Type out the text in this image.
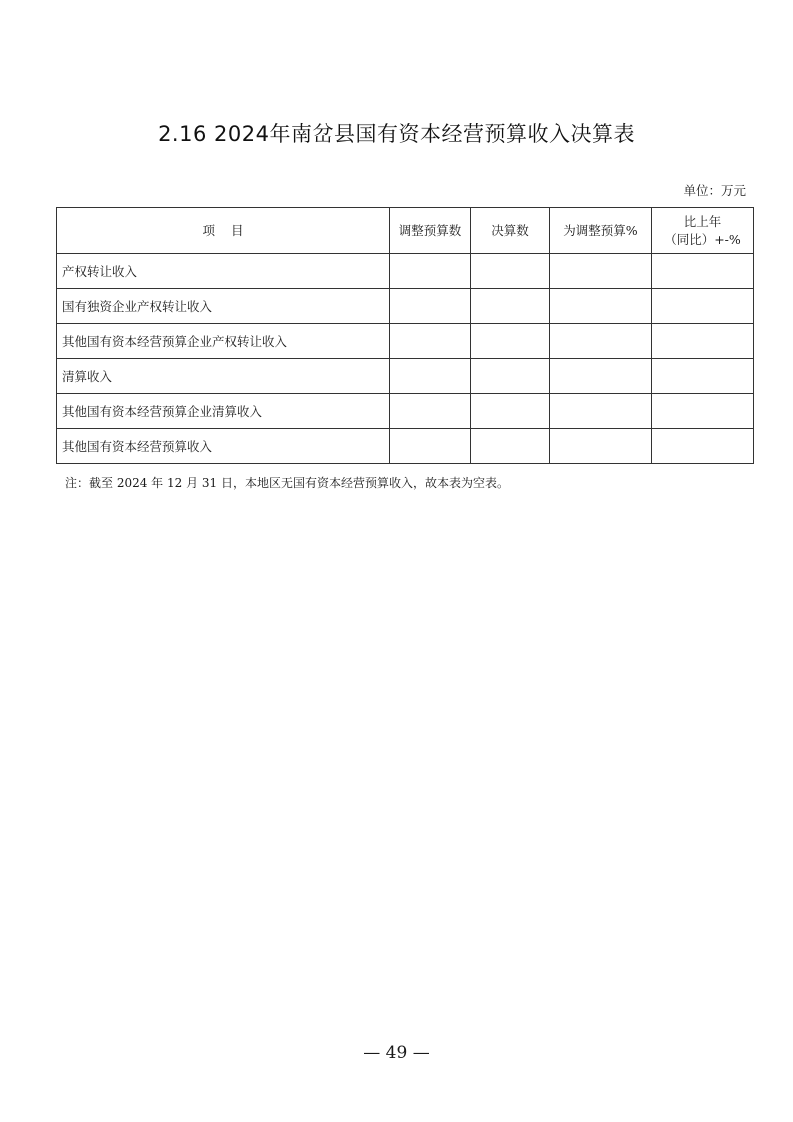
2.16 2024年南岔县国有资本经营预算收入决算表
单位：万元
项    目	调整预算数	决算数	为调整预算%	比上年
（同比）+-%

产权转让收入				
国有独资企业产权转让收入				
其他国有资本经营预算企业产权转让收入				
清算收入				
其他国有资本经营预算企业清算收入				
其他国有资本经营预算收入				
注：截至 2024 年 12 月 31 日，本地区无国有资本经营预算收入，故本表为空表。
— 49 —
